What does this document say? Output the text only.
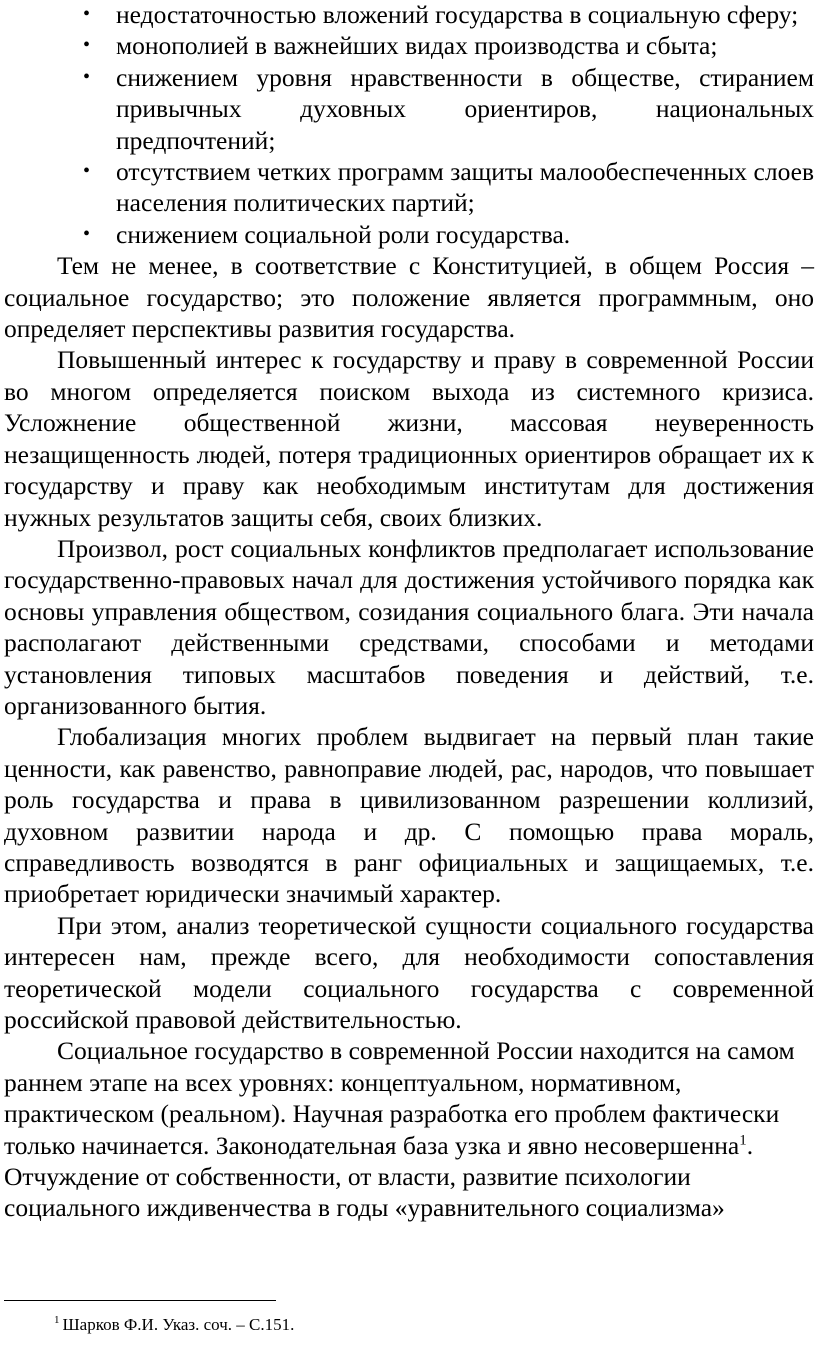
• недостаточностью вложений государства в социальную сферу;
• монополией в важнейших видах производства и сбыта;
• снижением уровня нравственности в обществе, стиранием привычных духовных ориентиров, национальных предпочтений;
• отсутствием четких программ защиты малообеспеченных слоев населения политических партий;
• снижением социальной роли государства.

Тем не менее, в соответствие с Конституцией, в общем Россия – социальное государство; это положение является программным, оно определяет перспективы развития государства.

Повышенный интерес к государству и праву в современной России во многом определяется поиском выхода из системного кризиса. Усложнение общественной жизни, массовая неуверенность незащищенность людей, потеря традиционных ориентиров обращает их к государству и праву как необходимым институтам для достижения нужных результатов защиты себя, своих близких.

Произвол, рост социальных конфликтов предполагает использование государственно-правовых начал для достижения устойчивого порядка как основы управления обществом, созидания социального блага. Эти начала располагают действенными средствами, способами и методами установления типовых масштабов поведения и действий, т.е. организованного бытия.

Глобализация многих проблем выдвигает на первый план такие ценности, как равенство, равноправие людей, рас, народов, что повышает роль государства и права в цивилизованном разрешении коллизий, духовном развитии народа и др. С помощью права мораль, справедливость возводятся в ранг официальных и защищаемых, т.е. приобретает юридически значимый характер.

При этом, анализ теоретической сущности социального государства интересен нам, прежде всего, для необходимости сопоставления теоретической модели социального государства с современной российской правовой действительностью.

Социальное государство в современной России находится на самом раннем этапе на всех уровнях: концептуальном, нормативном, практическом (реальном). Научная разработка его проблем фактически только начинается. Законодательная база узка и явно несовершенна$^1$.
Отчуждение от собственности, от власти, развитие психологии социального иждивенчества в годы «уравнительного социализма»

$^1$ Шарков Ф.И. Указ. соч. – С.151.
